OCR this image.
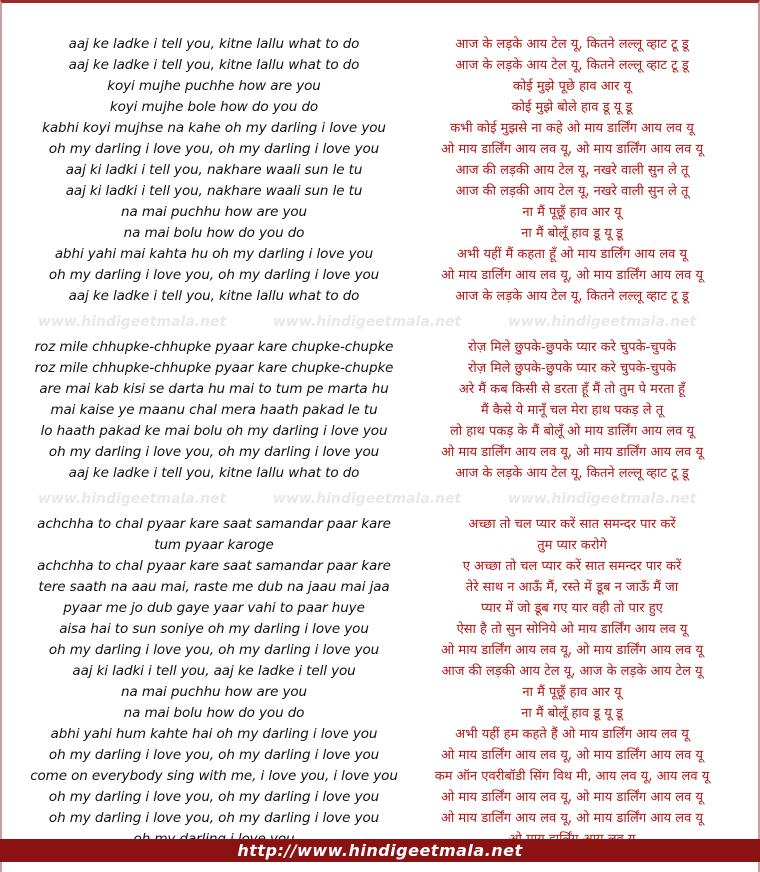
aaj ke ladke i tell you, kitne lallu what to do	आज के लड़के आय टेल यू, कितने लल्लू व्हाट टू डू
aaj ke ladke i tell you, kitne lallu what to do	आज के लड़के आय टेल यू, कितने लल्लू व्हाट टू डू
koyi mujhe puchhe how are you	कोई मुझे पूछे हाव आर यू
koyi mujhe bole how do you do	कोई मुझे बोले हाव डू यू डू
kabhi koyi mujhse na kahe oh my darling i love you	कभी कोई मुझसे ना कहे ओ माय डार्लिंग आय लव यू
oh my darling i love you, oh my darling i love you	ओ माय डार्लिंग आय लव यू, ओ माय डार्लिंग आय लव यू
aaj ki ladki i tell you, nakhare waali sun le tu	आज की लड़की आय टेल यू, नखरे वाली सुन ले तू
aaj ki ladki i tell you, nakhare waali sun le tu	आज की लड़की आय टेल यू, नखरे वाली सुन ले तू
na mai puchhu how are you	ना मैं पूछूँ हाव आर यू
na mai bolu how do you do	ना मैं बोलूँ हाव डू यू डू
abhi yahi mai kahta hu oh my darling i love you	अभी यहीं मैं कहता हूँ ओ माय डार्लिंग आय लव यू
oh my darling i love you, oh my darling i love you	ओ माय डार्लिंग आय लव यू, ओ माय डार्लिंग आय लव यू
aaj ke ladke i tell you, kitne lallu what to do	आज के लड़के आय टेल यू, कितने लल्लू व्हाट टू डू
www.hindigeetmala.net	www.hindigeetmala.net	www.hindigeetmala.net
roz mile chhupke-chhupke pyaar kare chupke-chupke	रोज़ मिले छुपके-छुपके प्यार करे चुपके-चुपके
roz mile chhupke-chhupke pyaar kare chupke-chupke	रोज़ मिले छुपके-छुपके प्यार करे चुपके-चुपके
are mai kab kisi se darta hu mai to tum pe marta hu	अरे मैं कब किसी से डरता हूँ मैं तो तुम पे मरता हूँ
mai kaise ye maanu chal mera haath pakad le tu	मैं कैसे ये मानूँ चल मेरा हाथ पकड़ ले तू
lo haath pakad ke mai bolu oh my darling i love you	लो हाथ पकड़ के मैं बोलूँ ओ माय डार्लिंग आय लव यू
oh my darling i love you, oh my darling i love you	ओ माय डार्लिंग आय लव यू, ओ माय डार्लिंग आय लव यू
aaj ke ladke i tell you, kitne lallu what to do	आज के लड़के आय टेल यू, कितने लल्लू व्हाट टू डू
www.hindigeetmala.net	www.hindigeetmala.net	www.hindigeetmala.net
achchha to chal pyaar kare saat samandar paar kare	अच्छा तो चल प्यार करें सात समन्दर पार करें
tum pyaar karoge	तुम प्यार करोगे
achchha to chal pyaar kare saat samandar paar kare	ए अच्छा तो चल प्यार करें सात समन्दर पार करें
tere saath na aau mai, raste me dub na jaau mai jaa	तेरे साथ न आऊँ मैं, रस्ते में डूब न जाऊँ मैं जा
pyaar me jo dub gaye yaar vahi to paar huye	प्यार में जो डूब गए यार वही तो पार हुए
aisa hai to sun soniye oh my darling i love you	ऐसा है तो सुन सोनिये ओ माय डार्लिंग आय लव यू
oh my darling i love you, oh my darling i love you	ओ माय डार्लिंग आय लव यू, ओ माय डार्लिंग आय लव यू
aaj ki ladki i tell you, aaj ke ladke i tell you	आज की लड़की आय टेल यू, आज के लड़के आय टेल यू
na mai puchhu how are you	ना मैं पूछूँ हाव आर यू
na mai bolu how do you do	ना मैं बोलूँ हाव डू यू डू
abhi yahi hum kahte hai oh my darling i love you	अभी यहीं हम कहते हैं ओ माय डार्लिंग आय लव यू
oh my darling i love you, oh my darling i love you	ओ माय डार्लिंग आय लव यू, ओ माय डार्लिंग आय लव यू
come on everybody sing with me, i love you, i love you	कम ऑन एवरीबॉडी सिंग विथ मी, आय लव यू, आय लव यू
oh my darling i love you, oh my darling i love you	ओ माय डार्लिंग आय लव यू, ओ माय डार्लिंग आय लव यू
oh my darling i love you, oh my darling i love you	ओ माय डार्लिंग आय लव यू, ओ माय डार्लिंग आय लव यू
http://www.hindigeetmala.net
